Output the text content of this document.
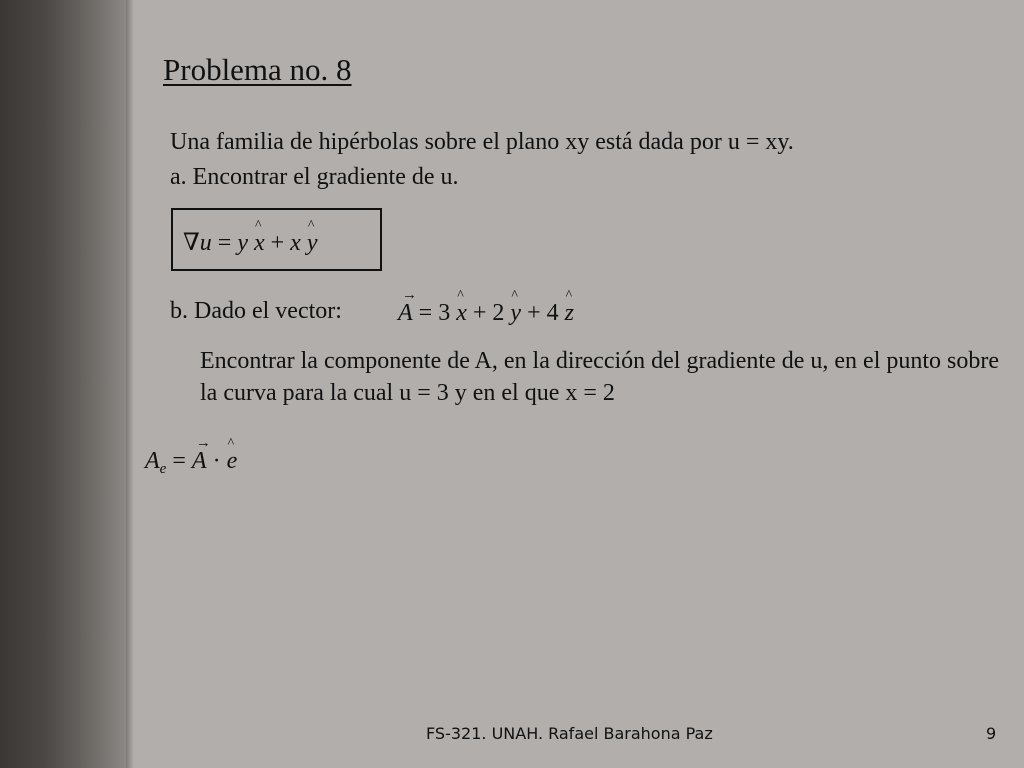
Problema no. 8
Una familia de hipérbolas sobre el plano xy está dada por u = xy.
a. Encontrar el gradiente de u.
∇u = y x
^
+ x y
^
b. Dado el vector: A
→
= 3 x
^
+ 2 y
^
+ 4 z
^
Encontrar la componente de A, en la dirección del gradiente de u, en el punto sobre la curva para la cual u = 3 y en el que x = 2
$A_e = A$
→
· e
^
FS-321. UNAH. Rafael Barahona Paz	9
